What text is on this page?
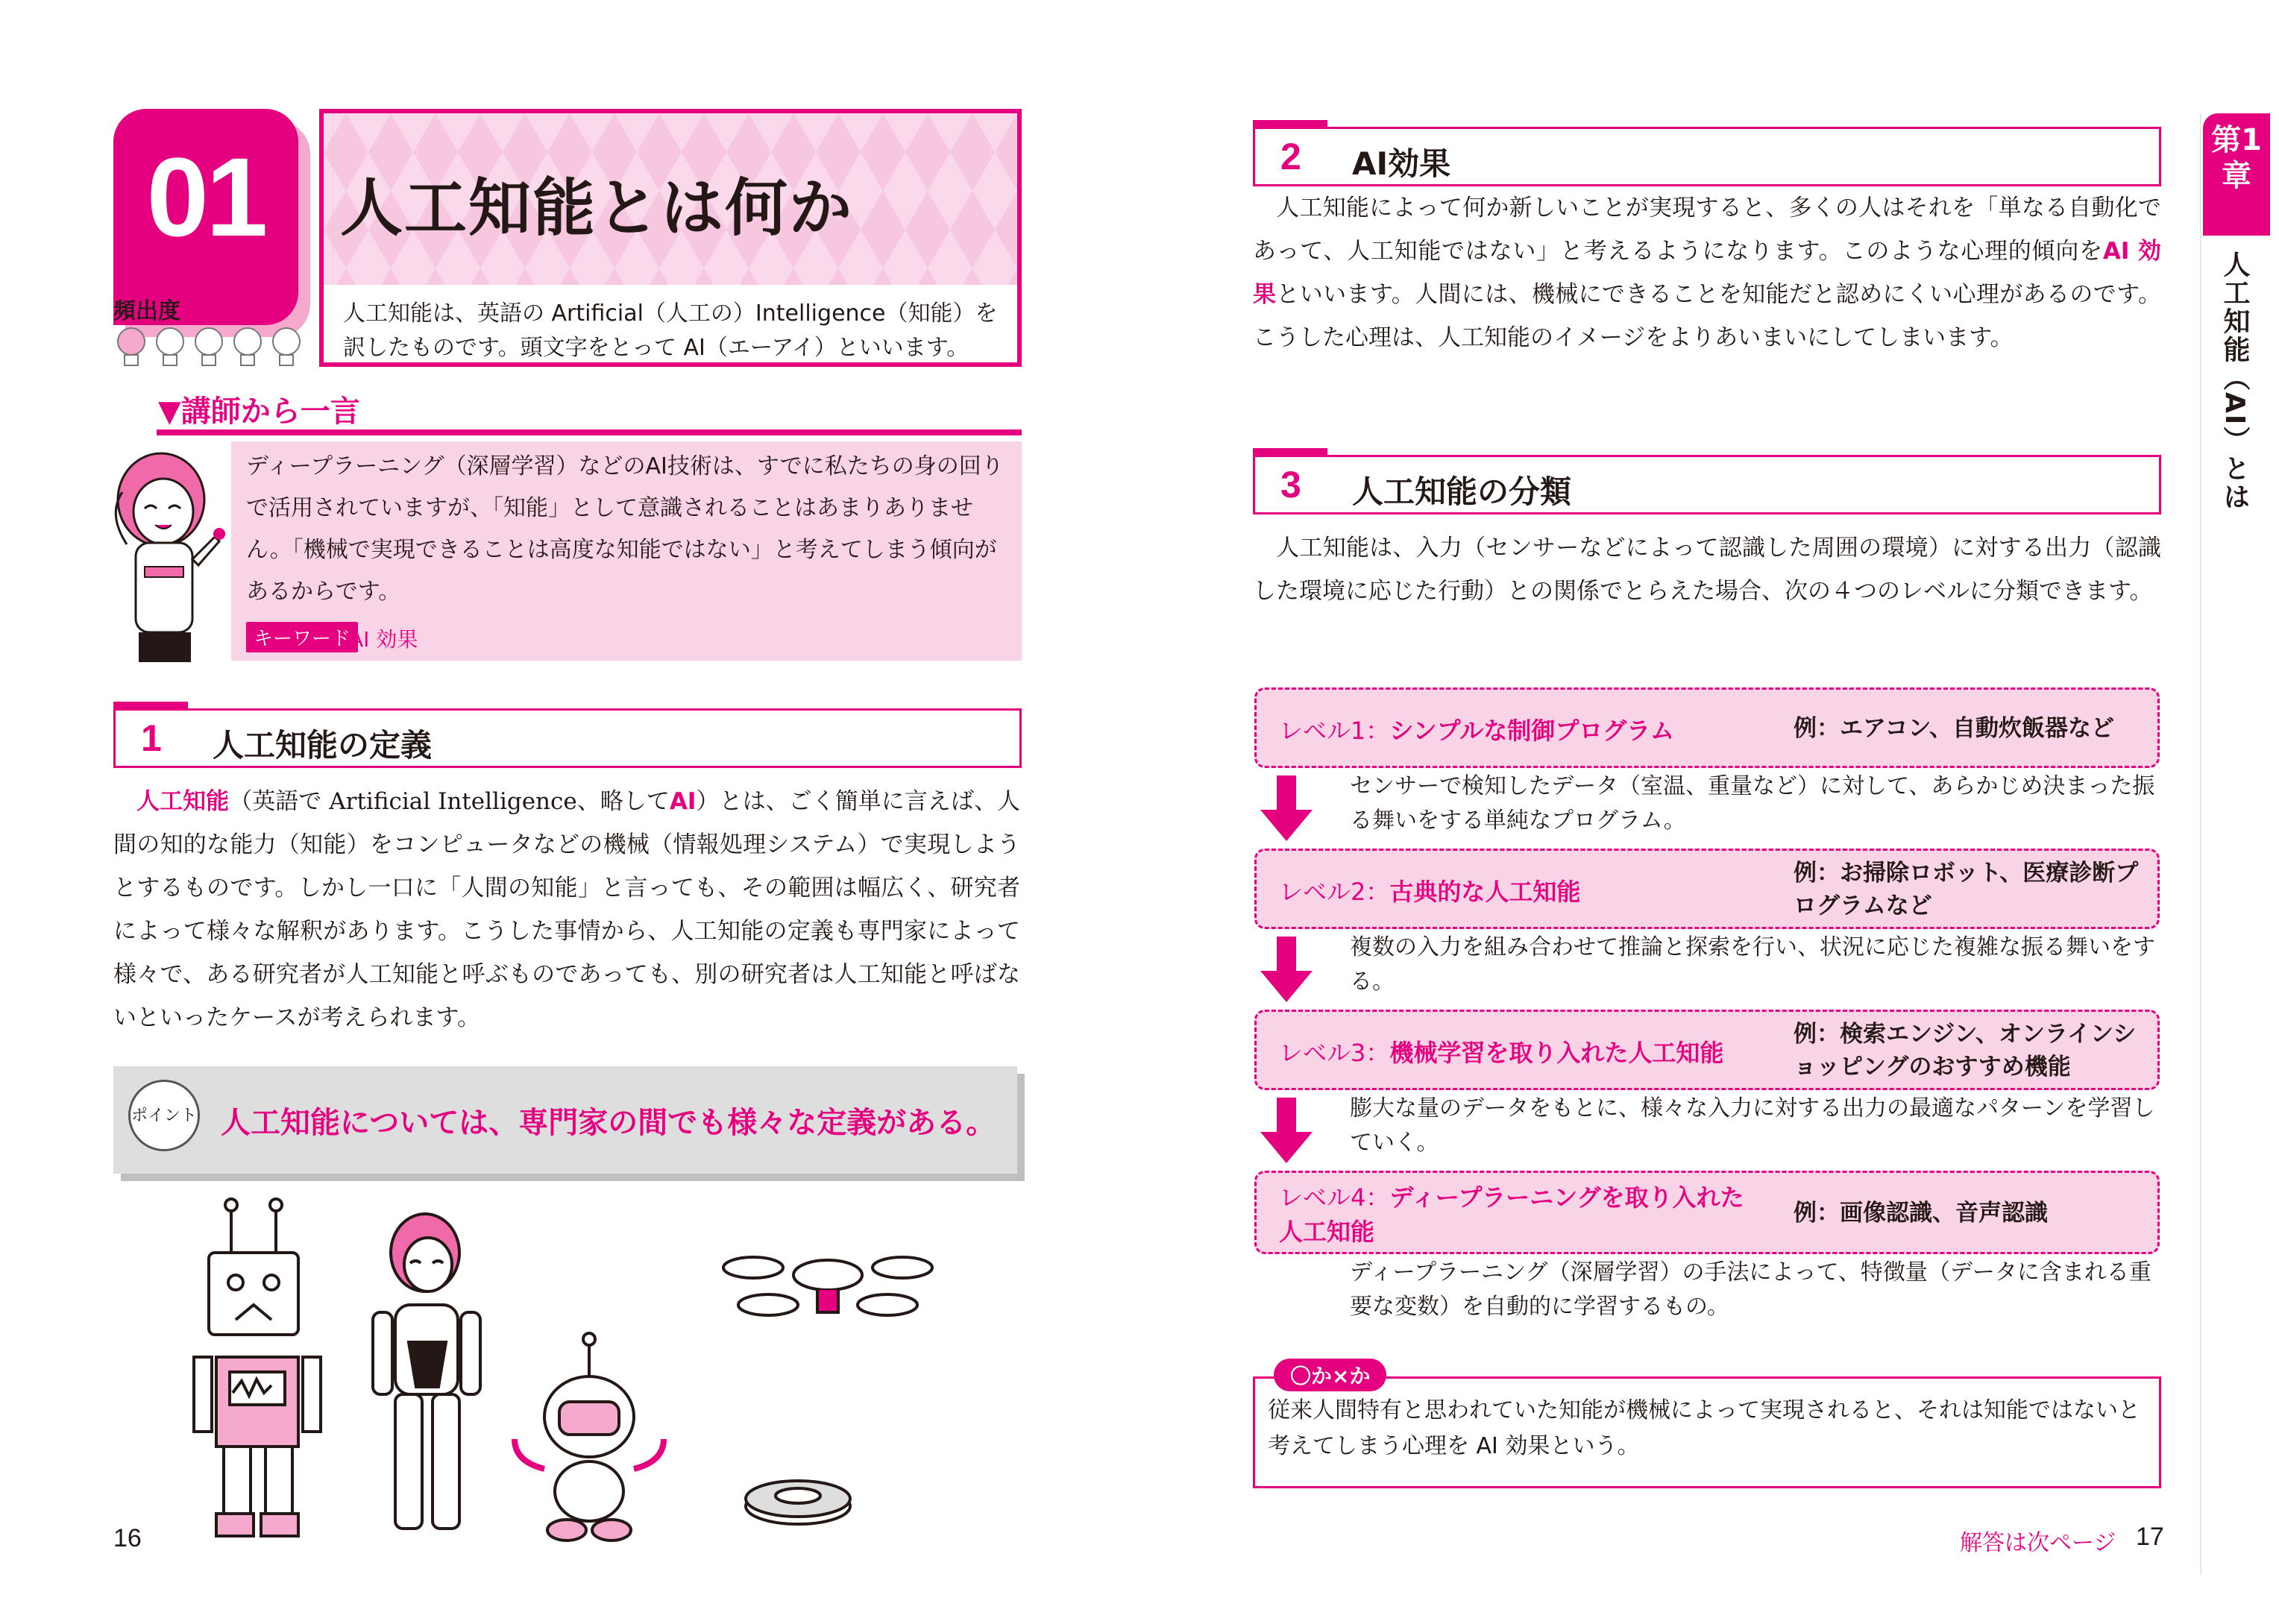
01	人工知能とは何か
人工知能は、英語の Artificial（人工の）Intelligence（知能）を訳したものです。頭文字をとって AI（エーアイ）といいます。
頻出度
▼講師から一言
ディープラーニング（深層学習）などのAI技術は、すでに私たちの身の回りで活用されていますが、「知能」として意識されることはあまりありません。「機械で実現できることは高度な知能ではない」と考えてしまう傾向があるからです。
キーワード
AI 効果
1 人工知能の定義
　人工知能（英語で Artificial Intelligence、略してAI）とは、ごく簡単に言えば、人間の知的な能力（知能）をコンピュータなどの機械（情報処理システム）で実現しようとするものです。しかし一口に「人間の知能」と言っても、その範囲は幅広く、研究者によって様々な解釈があります。こうした事情から、人工知能の定義も専門家によって様々で、ある研究者が人工知能と呼ぶものであっても、別の研究者は人工知能と呼ばないといったケースが考えられます。
ポイント 人工知能については、専門家の間でも様々な定義がある。
16
2 AI効果
　人工知能によって何か新しいことが実現すると、多くの人はそれを「単なる自動化であって、人工知能ではない」と考えるようになります。このような心理的傾向をAI 効果といいます。人間には、機械にできることを知能だと認めにくい心理があるのです。こうした心理は、人工知能のイメージをよりあいまいにしてしまいます。
3 人工知能の分類
　人工知能は、入力（センサーなどによって認識した周囲の環境）に対する出力（認識した環境に応じた行動）との関係でとらえた場合、次の４つのレベルに分類できます。
レベル1：シンプルな制御プログラム	例：エアコン、自動炊飯器など
センサーで検知したデータ（室温、重量など）に対して、あらかじめ決まった振る舞いをする単純なプログラム。
レベル2：古典的な人工知能
例：お掃除ロボット、医療診断プログラムなど
複数の入力を組み合わせて推論と探索を行い、状況に応じた複雑な振る舞いをする。
レベル3：機械学習を取り入れた人工知能
例：検索エンジン、オンラインショッピングのおすすめ機能
膨大な量のデータをもとに、様々な入力に対する出力の最適なパターンを学習していく。
レベル4：ディープラーニングを取り入れた人工知能
例：画像認識、音声認識
ディープラーニング（深層学習）の手法によって、特徴量（データに含まれる重要な変数）を自動的に学習するもの。
〇か×か
従来人間特有と思われていた知能が機械によって実現されると、それは知能ではないと考えてしまう心理を AI 効果という。
第1章
人工知能（AI）とは
解答は次ページ 17
